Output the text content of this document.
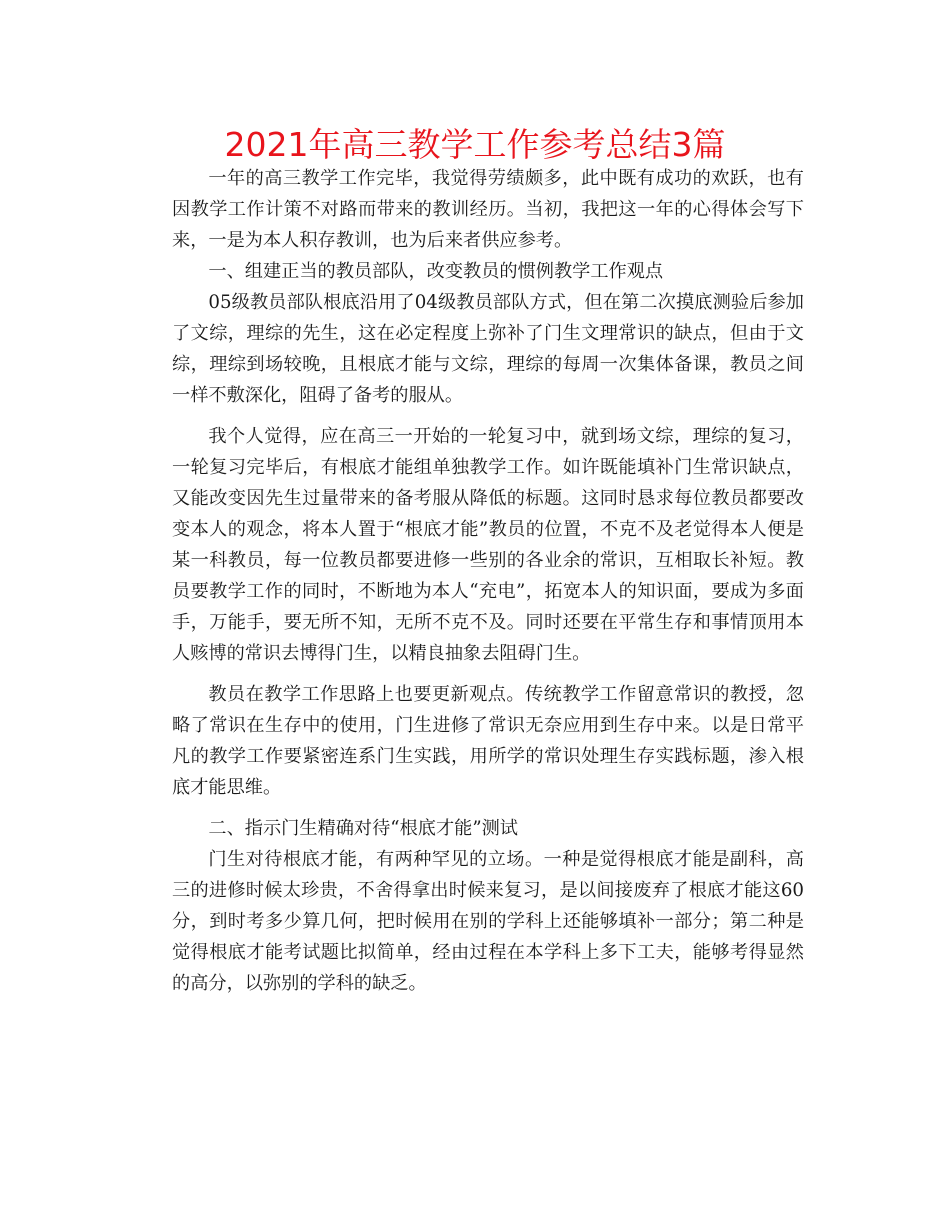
2021年高三教学工作参考总结3篇

一年的高三教学工作完毕，我觉得劳绩颇多，此中既有成功的欢跃，也有因教学工作计策不对路而带来的教训经历。当初，我把这一年的心得体会写下来，一是为本人积存教训，也为后来者供应参考。

一、组建正当的教员部队，改变教员的惯例教学工作观点

05级教员部队根底沿用了04级教员部队方式，但在第二次摸底测验后参加了文综，理综的先生，这在必定程度上弥补了门生文理常识的缺点，但由于文综，理综到场较晚，且根底才能与文综，理综的每周一次集体备课，教员之间一样不敷深化，阻碍了备考的服从。

我个人觉得，应在高三一开始的一轮复习中，就到场文综，理综的复习，一轮复习完毕后，有根底才能组单独教学工作。如许既能填补门生常识缺点，又能改变因先生过量带来的备考服从降低的标题。这同时恳求每位教员都要改变本人的观念，将本人置于“根底才能”教员的位置，不克不及老觉得本人便是某一科教员，每一位教员都要进修一些别的各业余的常识，互相取长补短。教员要教学工作的同时，不断地为本人“充电”，拓宽本人的知识面，要成为多面手，万能手，要无所不知，无所不克不及。同时还要在平常生存和事情顶用本人赅博的常识去博得门生，以精良抽象去阻碍门生。

教员在教学工作思路上也要更新观点。传统教学工作留意常识的教授，忽略了常识在生存中的使用，门生进修了常识无奈应用到生存中来。以是日常平凡的教学工作要紧密连系门生实践，用所学的常识处理生存实践标题，渗入根底才能思维。

二、指示门生精确对待“根底才能”测试

门生对待根底才能，有两种罕见的立场。一种是觉得根底才能是副科，高三的进修时候太珍贵，不舍得拿出时候来复习，是以间接废弃了根底才能这60分，到时考多少算几何，把时候用在别的学科上还能够填补一部分；第二种是觉得根底才能考试题比拟简单，经由过程在本学科上多下工夫，能够考得显然的高分，以弥别的学科的缺乏。
